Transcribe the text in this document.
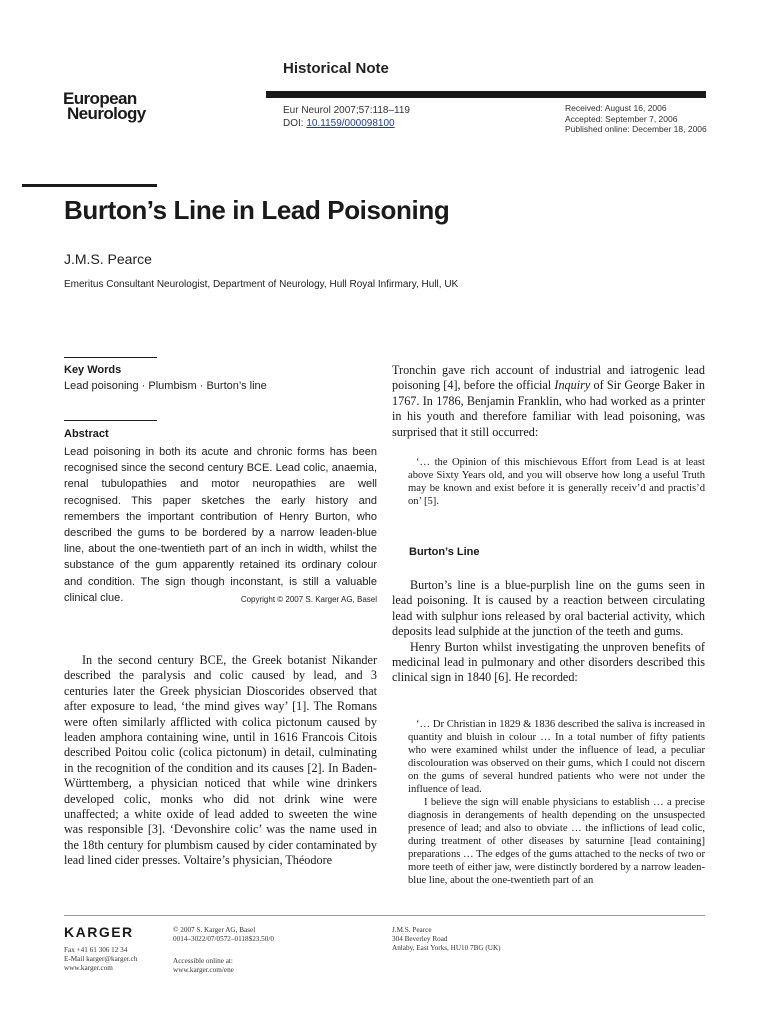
Historical Note
European
Neurology	Eur Neurol 2007;57:118–119
DOI: 10.1159/000098100
Received: August 16, 2006
Accepted: September 7, 2006
Published online: December 18, 2006
Burton’s Line in Lead Poisoning
J.M.S. Pearce
Emeritus Consultant Neurologist, Department of Neurology, Hull Royal Infirmary, Hull, UK
Key Words
Lead poisoning · Plumbism · Burton’s line
Abstract

Lead poisoning in both its acute and chronic forms has been recognised since the second century BCE. Lead colic, anaemia, renal tubulopathies and motor neuropathies are well recognised. This paper sketches the early history and remembers the important contribution of Henry Burton, who described the gums to be bordered by a narrow leaden-blue line, about the one-twentieth part of an inch in width, whilst the substance of the gum apparently retained its ordinary colour and condition. The sign though inconstant, is still a valuable clinical clue.	Copyright © 2007 S. Karger AG, Basel

In the second century BCE, the Greek botanist Nikander described the paralysis and colic caused by lead, and 3 centuries later the Greek physician Dioscorides observed that after exposure to lead, ‘the mind gives way’ [1]. The Romans were often similarly afflicted with colica pictonum caused by leaden amphora containing wine, until in 1616 Francois Citois described Poitou colic (colica pictonum) in detail, culminating in the recognition of the condition and its causes [2]. In Baden-Württemberg, a physician noticed that while wine drinkers developed colic, monks who did not drink wine were unaffected; a white oxide of lead added to sweeten the wine was responsible [3]. ‘Devonshire colic’ was the name used in the 18th century for plumbism caused by cider contaminated by lead lined cider presses. Voltaire’s physician, Théodore

Tronchin gave rich account of industrial and iatrogenic lead poisoning [4], before the official Inquiry of Sir George Baker in 1767. In 1786, Benjamin Franklin, who had worked as a printer in his youth and therefore familiar with lead poisoning, was surprised that it still occurred:

‘… the Opinion of this mischievous Effort from Lead is at least above Sixty Years old, and you will observe how long a useful Truth may be known and exist before it is generally receiv’d and practis’d on’ [5].

Burton’s Line

Burton’s line is a blue-purplish line on the gums seen in lead poisoning. It is caused by a reaction between circulating lead with sulphur ions released by oral bacterial activity, which deposits lead sulphide at the junction of the teeth and gums.

Henry Burton whilst investigating the unproven benefits of medicinal lead in pulmonary and other disorders described this clinical sign in 1840 [6]. He recorded:

‘… Dr Christian in 1829 & 1836 described the saliva is increased in quantity and bluish in colour … In a total number of fifty patients who were examined whilst under the influence of lead, a peculiar discolouration was observed on their gums, which I could not discern on the gums of several hundred patients who were not under the influence of lead.

I believe the sign will enable physicians to establish … a precise diagnosis in derangements of health depending on the unsuspected presence of lead; and also to obviate … the inflictions of lead colic, during treatment of other diseases by saturnine [lead containing] preparations … The edges of the gums attached to the necks of two or more teeth of either jaw, were distinctly bordered by a narrow leaden-blue line, about the one-twentieth part of an

KARGER
Fax +41 61 306 12 34
E-Mail karger@karger.ch
www.karger.com
© 2007 S. Karger AG, Basel
0014–3022/07/0572–0118$23.50/0
Accessible online at:
www.karger.com/ene
J.M.S. Pearce
304 Beverley Road
Anlaby, East Yorks, HU10 7BG (UK)
